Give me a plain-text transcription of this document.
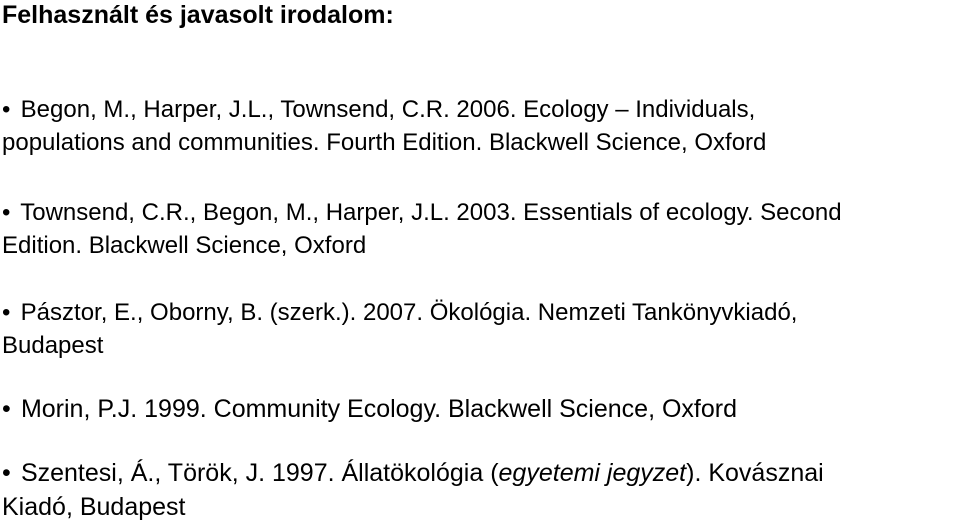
Felhasznált és javasolt irodalom:
• Begon, M., Harper, J.L., Townsend, C.R. 2006. Ecology – Individuals,
populations and communities. Fourth Edition. Blackwell Science, Oxford
• Townsend, C.R., Begon, M., Harper, J.L. 2003. Essentials of ecology. Second
Edition. Blackwell Science, Oxford
• Pásztor, E., Oborny, B. (szerk.). 2007. Ökológia. Nemzeti Tankönyvkiadó,
Budapest
• Morin, P.J. 1999. Community Ecology. Blackwell Science, Oxford
• Szentesi, Á., Török, J. 1997. Állatökológia (egyetemi jegyzet). Kovásznai
Kiadó, Budapest
